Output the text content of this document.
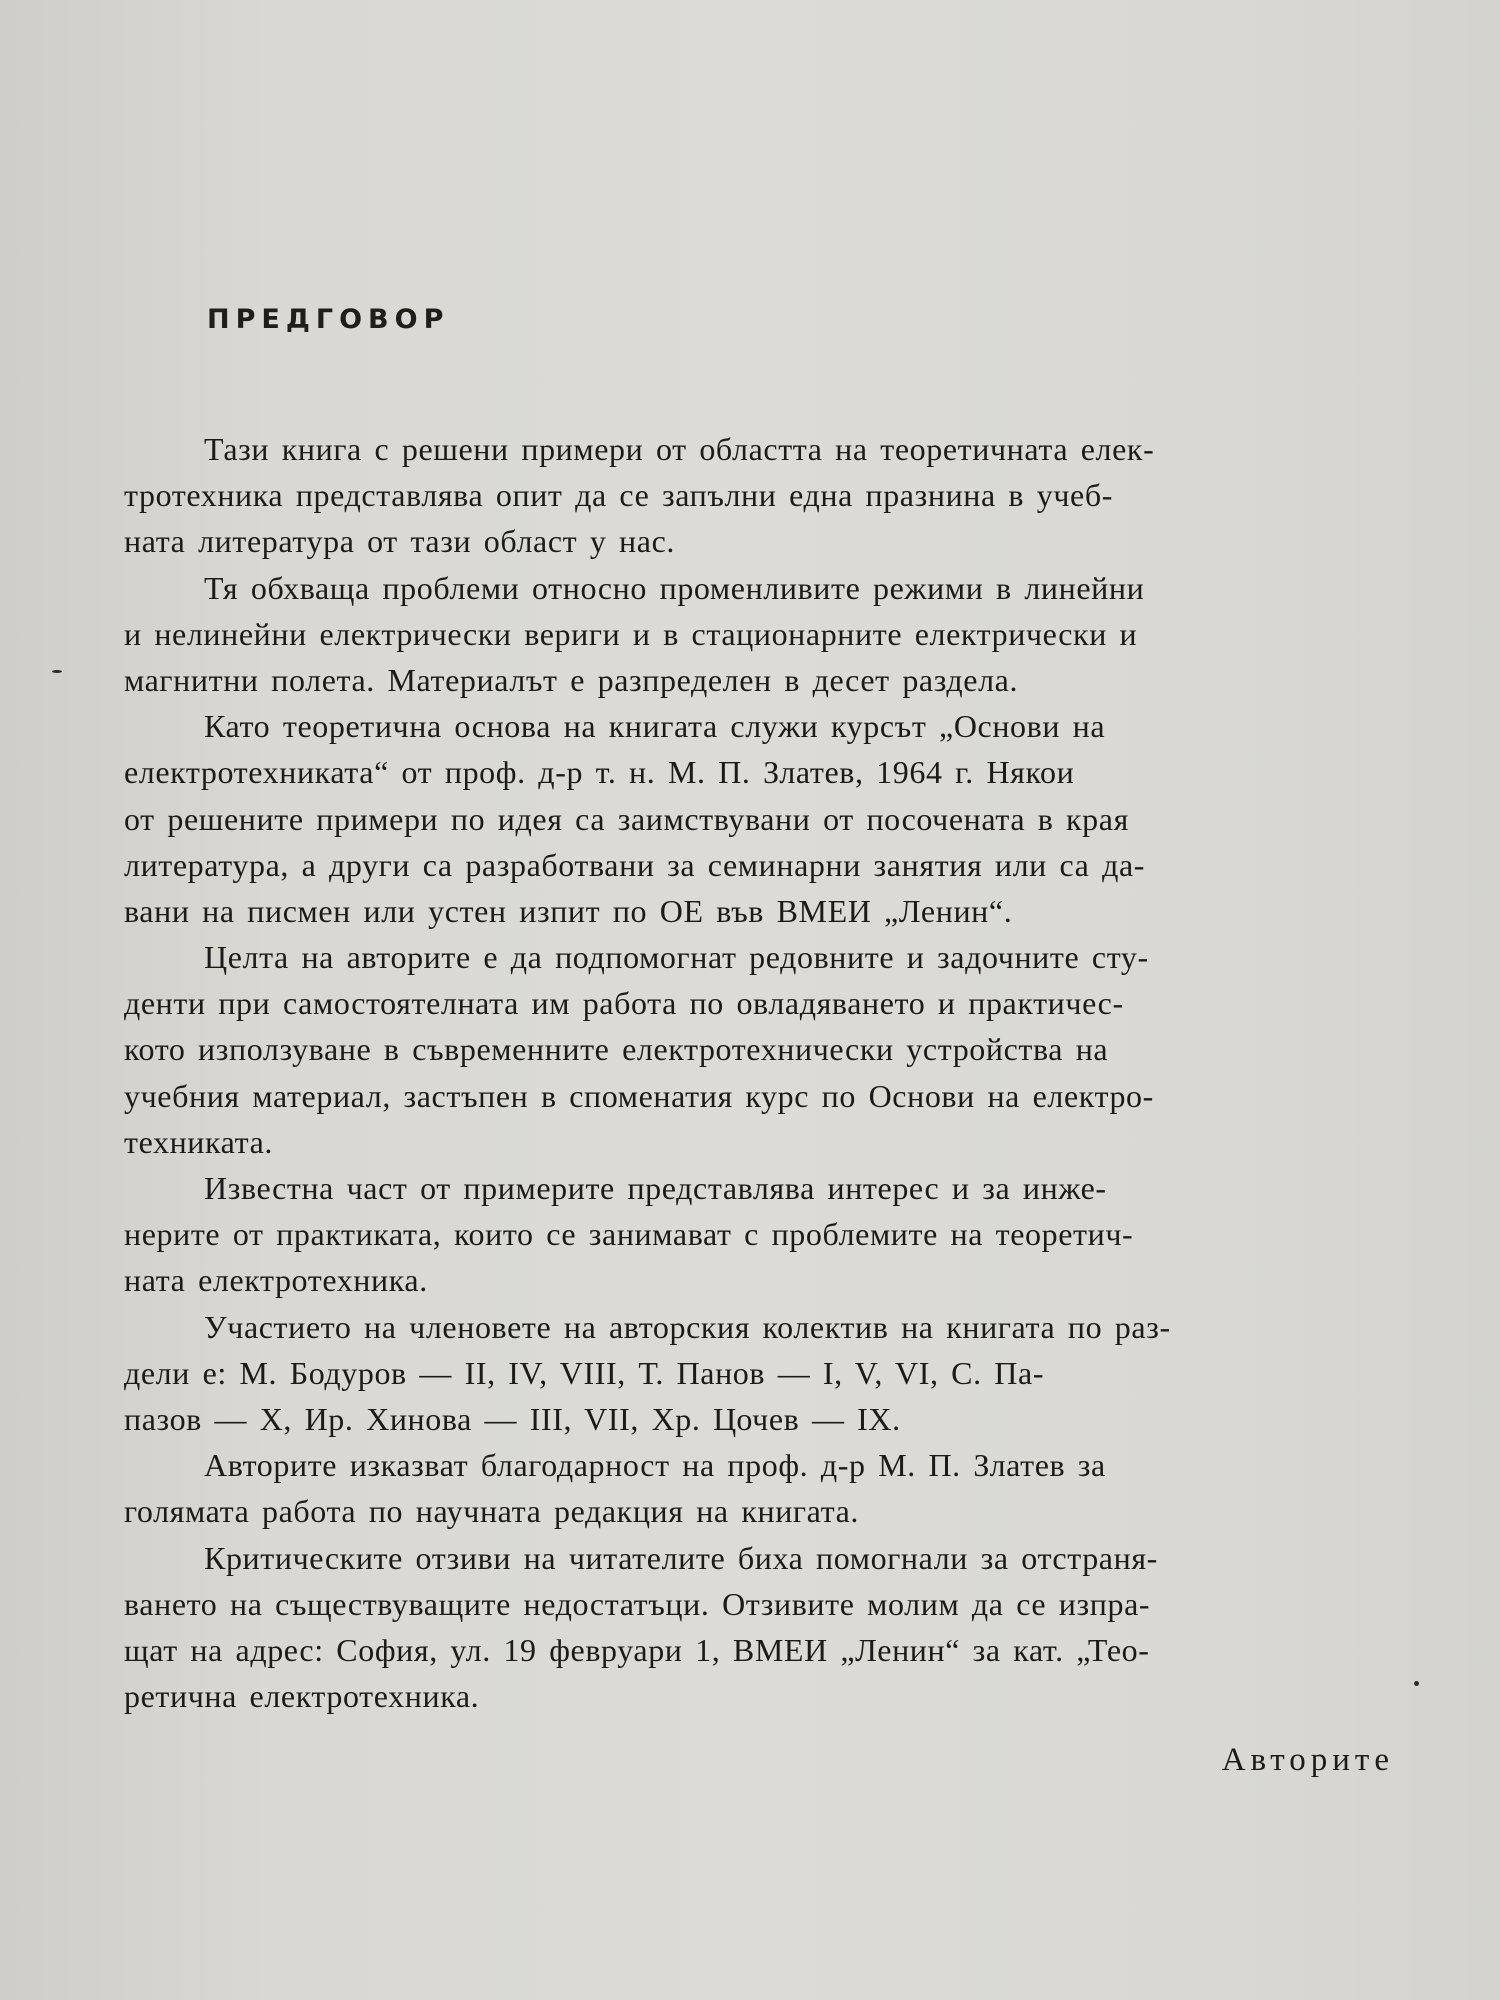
ПРЕДГОВОР
Тази книга с решени примери от областта на теоретичната елек-
тротехника представлява опит да се запълни една празнина в учеб-
ната литература от тази област у нас.
Тя обхваща проблеми относно променливите режими в линейни
и нелинейни електрически вериги и в стационарните електрически и
магнитни полета. Материалът е разпределен в десет раздела.
Като теоретична основа на книгата служи курсът „Основи на
електротехниката“ от проф. д-р т. н. М. П. Златев, 1964 г. Някои
от решените примери по идея са заимствувани от посочената в края
литература, а други са разработвани за семинарни занятия или са да-
вани на писмен или устен изпит по ОЕ във ВМЕИ „Ленин“.
Целта на авторите е да подпомогнат редовните и задочните сту-
денти при самостоятелната им работа по овладяването и практичес-
кото използуване в съвременните електротехнически устройства на
учебния материал, застъпен в споменатия курс по Основи на електро-
техниката.
Известна част от примерите представлява интерес и за инже-
нерите от практиката, които се занимават с проблемите на теоретич-
ната електротехника.
Участието на членовете на авторския колектив на книгата по раз-
дели е: М. Бодуров — II, IV, VIII, Т. Панов — I, V, VI, С. Па-
пазов — Х, Ир. Хинова — III, VII, Хр. Цочев — IX.
Авторите изказват благодарност на проф. д-р М. П. Златев за
голямата работа по научната редакция на книгата.
Критическите отзиви на читателите биха помогнали за отстраня-
ването на съществуващите недостатъци. Отзивите молим да се изпра-
щат на адрес: София, ул. 19 февруари 1, ВМЕИ „Ленин“ за кат. „Тео-
ретична електротехника.
Авторите
